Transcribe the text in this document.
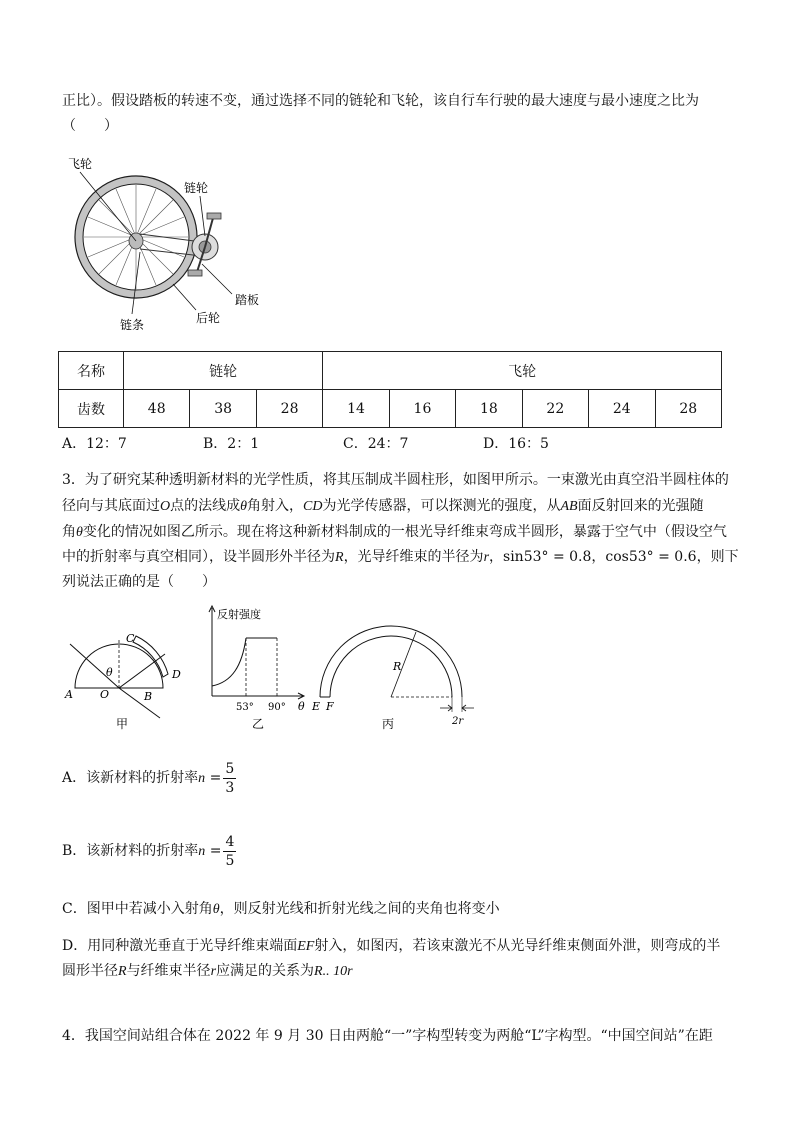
正比）。假设踏板的转速不变，通过选择不同的链轮和飞轮，该自行车行驶的最大速度与最小速度之比为
（　　）
飞轮
链轮
踏板
后轮
链条
名称	链轮			飞轮					
齿数	48	38	28	14	16	18	22	24	28
A．12：7	B．2：1	C．24：7	D．16：5
3．为了研究某种透明新材料的光学性质，将其压制成半圆柱形，如图甲所示。一束激光由真空沿半圆柱体的
径向与其底面过O点的法线成θ角射入，CD为光学传感器，可以探测光的强度，从AB面反射回来的光强随
角θ变化的情况如图乙所示。现在将这种新材料制成的一根光导纤维束弯成半圆形，暴露于空气中（假设空气
中的折射率与真空相同），设半圆形外半径为R，光导纤维束的半径为r，sin53° = 0.8，cos53° = 0.6，则下
列说法正确的是（　　）
C
D
A O	B
θ
甲
反射强度
53° 90° θ
乙
R
E F
2r
丙
A．该新材料的折射率$n = \frac{5}{3}$
B．该新材料的折射率$n = \frac{4}{5}$
C．图甲中若减小入射角θ，则反射光线和折射光线之间的夹角也将变小
D．用同种激光垂直于光导纤维束端面EF射入，如图丙，若该束激光不从光导纤维束侧面外泄，则弯成的半
圆形半径R与纤维束半径r应满足的关系为R.. 10r
4．我国空间站组合体在 2022 年 9 月 30 日由两舱“一”字构型转变为两舱“L”字构型。“中国空间站”在距
